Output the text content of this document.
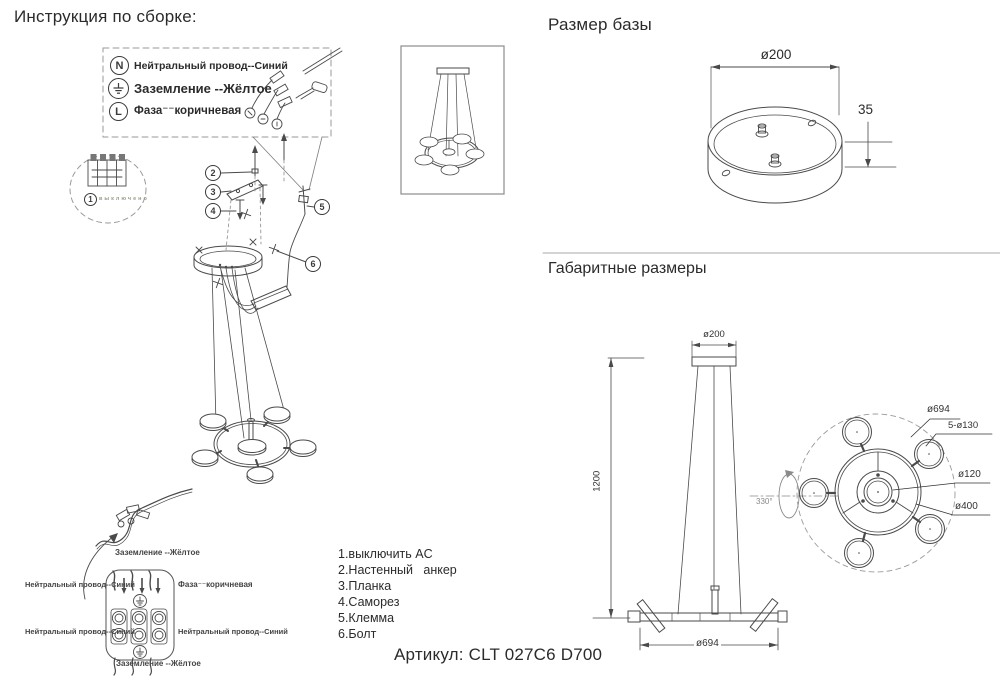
Инструкция по сборке:
N	Нейтральный провод--Синий
Заземление --Жёлтое
L	Фаза⁻⁻коричневая
1	выключено
2
3
4	5
6
1.выключить AC
2.Настенный   анкер
3.Планка
4.Саморез
5.Клемма
6.Болт
Артикул: CLT 027C6 D700
Заземление --Жёлтое
Нейтральный провод--Синий	Фаза⁻⁻коричневая
Нейтральный провод--Синий	Нейтральный провод--Синий
Заземление --Жёлтое
Размер базы
ø200
35
Габаритные размеры
ø200
1200
ø694
330°
ø694
5-ø130
ø120
ø400
